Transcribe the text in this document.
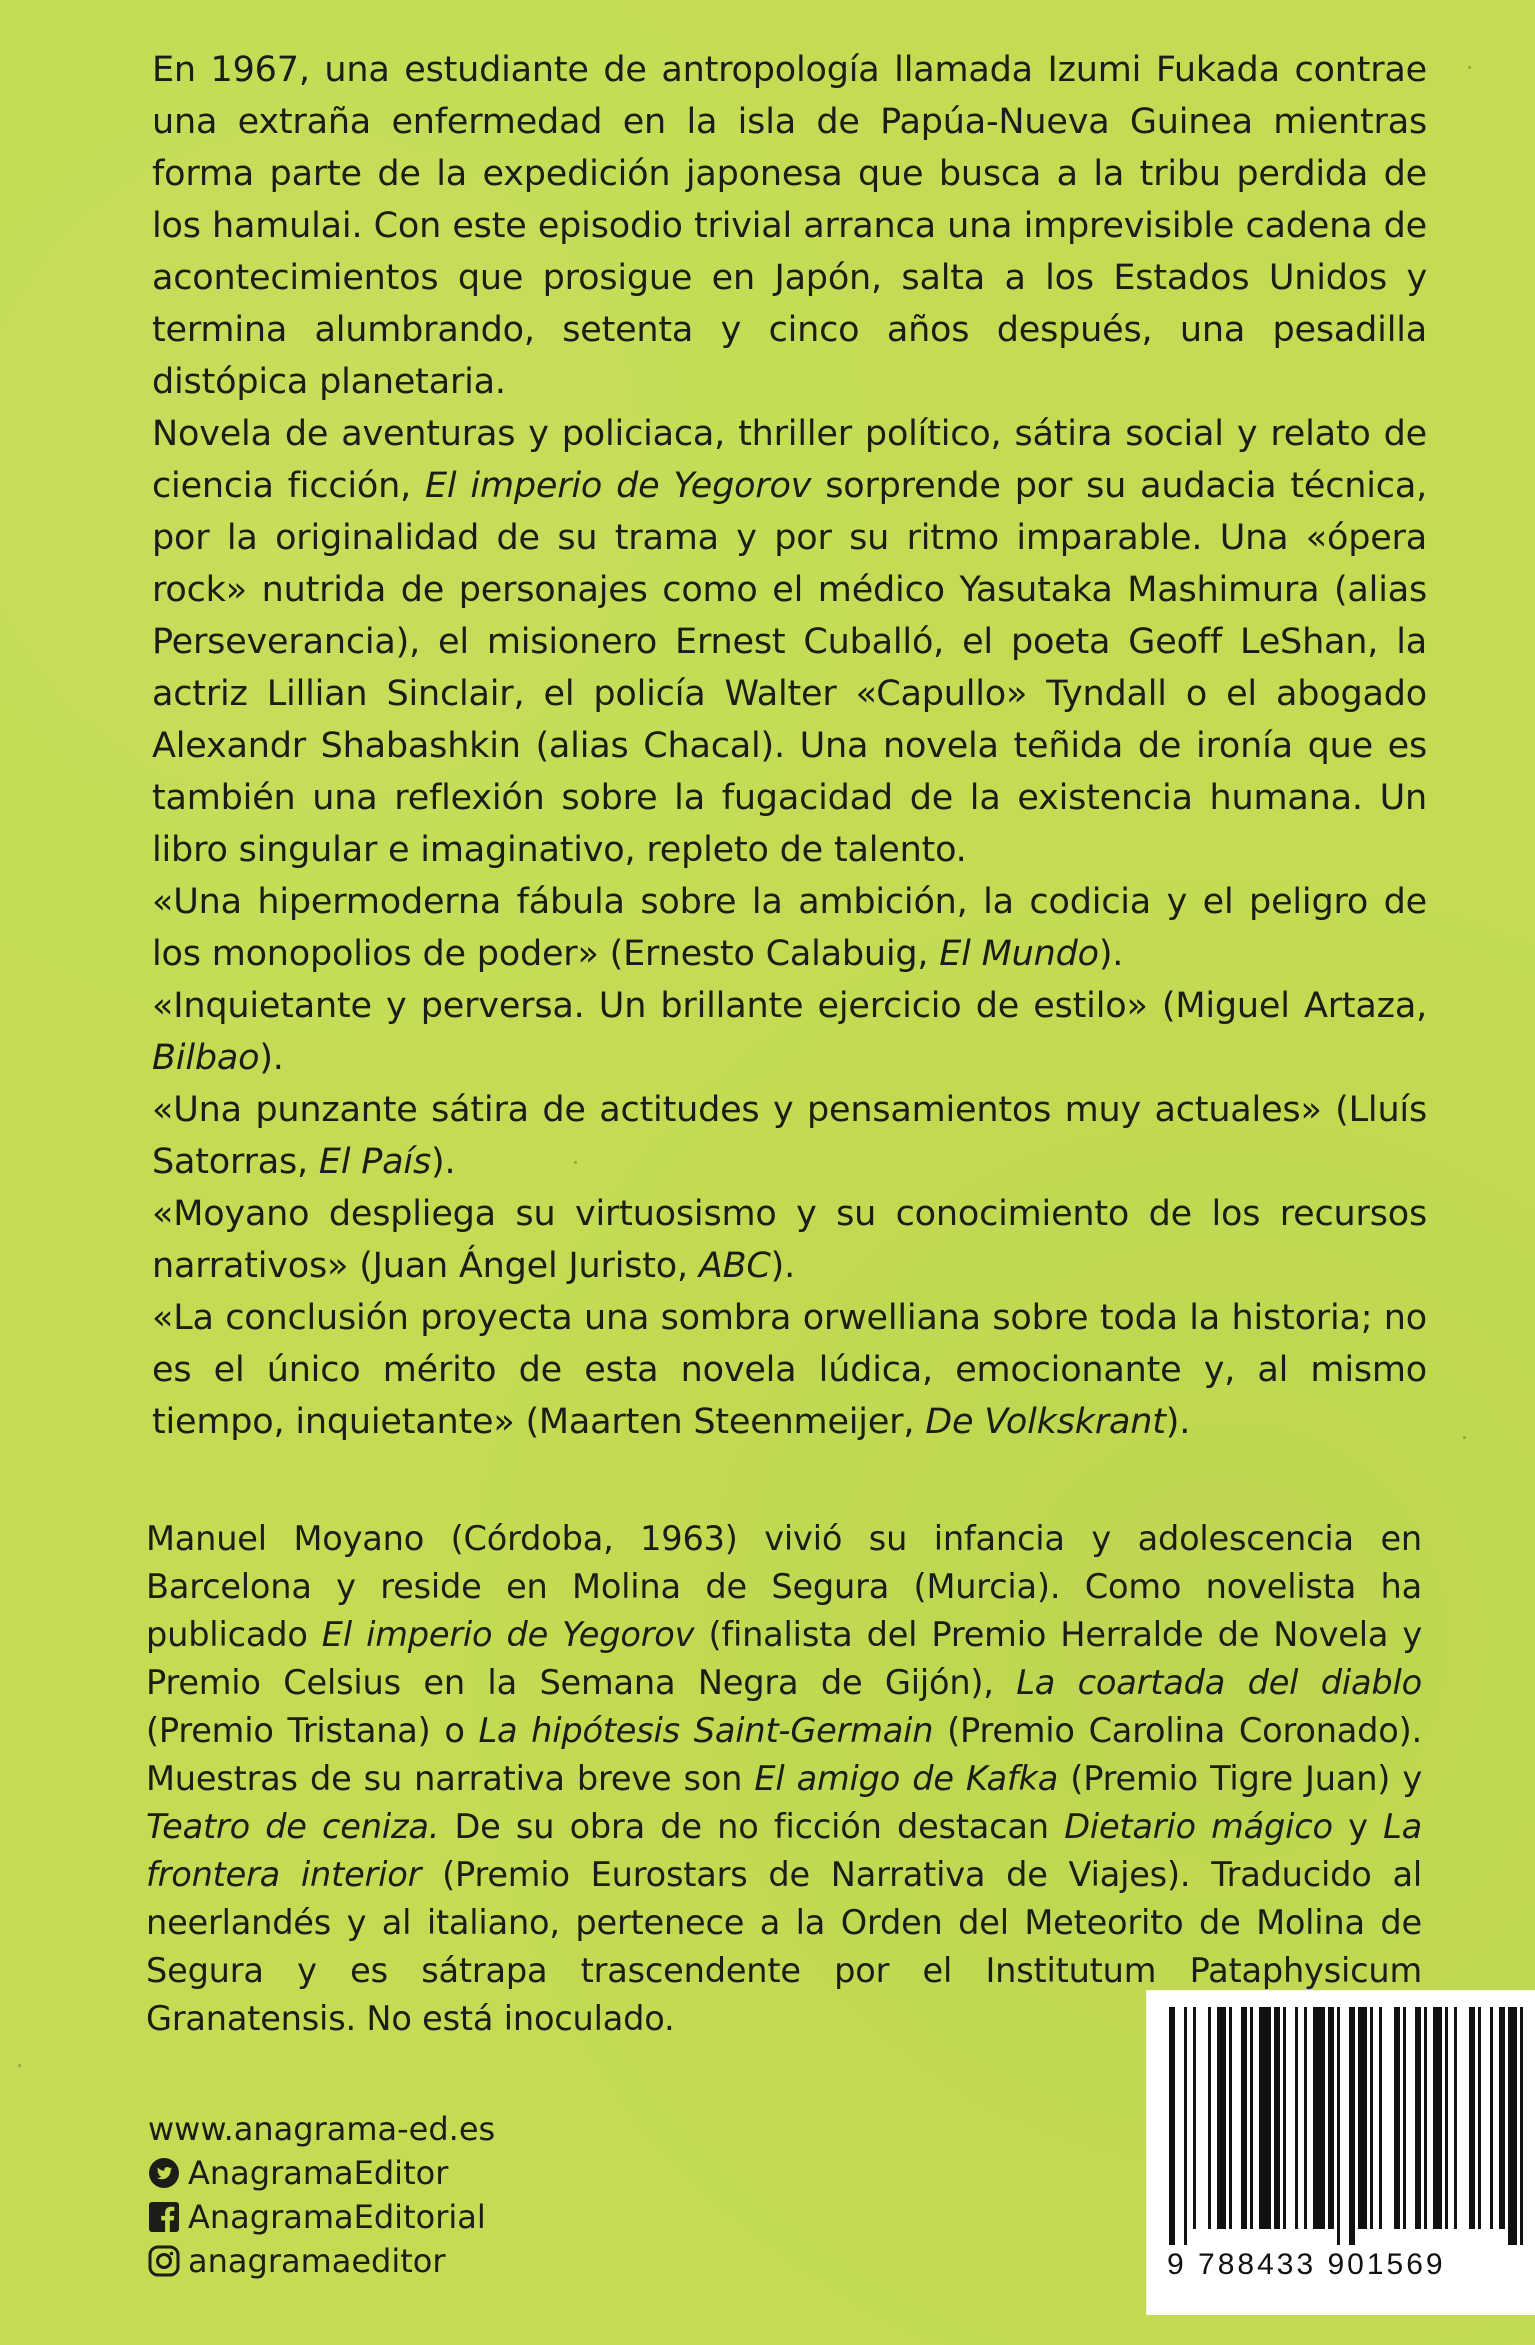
En 1967, una estudiante de antropología llamada Izumi Fukada contrae una extraña enfermedad en la isla de Papúa-Nueva Guinea mientras forma parte de la expedición japonesa que busca a la tribu perdida de los hamulai. Con este episodio trivial arranca una imprevisible cadena de acontecimientos que prosigue en Japón, salta a los Estados Unidos y termina alumbrando, setenta y cinco años después, una pesadilla distópica planetaria.

Novela de aventuras y policiaca, thriller político, sátira social y relato de ciencia ficción, El imperio de Yegorov sorprende por su audacia técnica, por la originalidad de su trama y por su ritmo imparable. Una «ópera rock» nutrida de personajes como el médico Yasutaka Mashimura (alias Perseverancia), el misionero Ernest Cuballó, el poeta Geoff LeShan, la actriz Lillian Sinclair, el policía Walter «Capullo» Tyndall o el abogado Alexandr Shabashkin (alias Chacal). Una novela teñida de ironía que es también una reflexión sobre la fugacidad de la existencia humana. Un libro singular e imaginativo, repleto de talento.

«Una hipermoderna fábula sobre la ambición, la codicia y el peligro de los monopolios de poder» (Ernesto Calabuig, El Mundo).

«Inquietante y perversa. Un brillante ejercicio de estilo» (Miguel Artaza, Bilbao).

«Una punzante sátira de actitudes y pensamientos muy actuales» (Lluís Satorras, El País).

«Moyano despliega su virtuosismo y su conocimiento de los recursos narrativos» (Juan Ángel Juristo, ABC).

«La conclusión proyecta una sombra orwelliana sobre toda la historia; no es el único mérito de esta novela lúdica, emocionante y, al mismo tiempo, inquietante» (Maarten Steenmeijer, De Volkskrant).

Manuel Moyano (Córdoba, 1963) vivió su infancia y adolescencia en Barcelona y reside en Molina de Segura (Murcia). Como novelista ha publicado El imperio de Yegorov (finalista del Premio Herralde de Novela y Premio Celsius en la Semana Negra de Gijón), La coartada del diablo (Premio Tristana) o La hipótesis Saint-Germain (Premio Carolina Coronado). Muestras de su narrativa breve son El amigo de Kafka (Premio Tigre Juan) y Teatro de ceniza. De su obra de no ficción destacan Dietario mágico y La frontera interior (Premio Eurostars de Narrativa de Viajes). Traducido al neerlandés y al italiano, pertenece a la Orden del Meteorito de Molina de Segura y es sátrapa trascendente por el Institutum Pataphysicum Granatensis. No está inoculado.

www.anagrama-ed.es
AnagramaEditor
AnagramaEditorial
anagramaeditor	9 788433 901569
